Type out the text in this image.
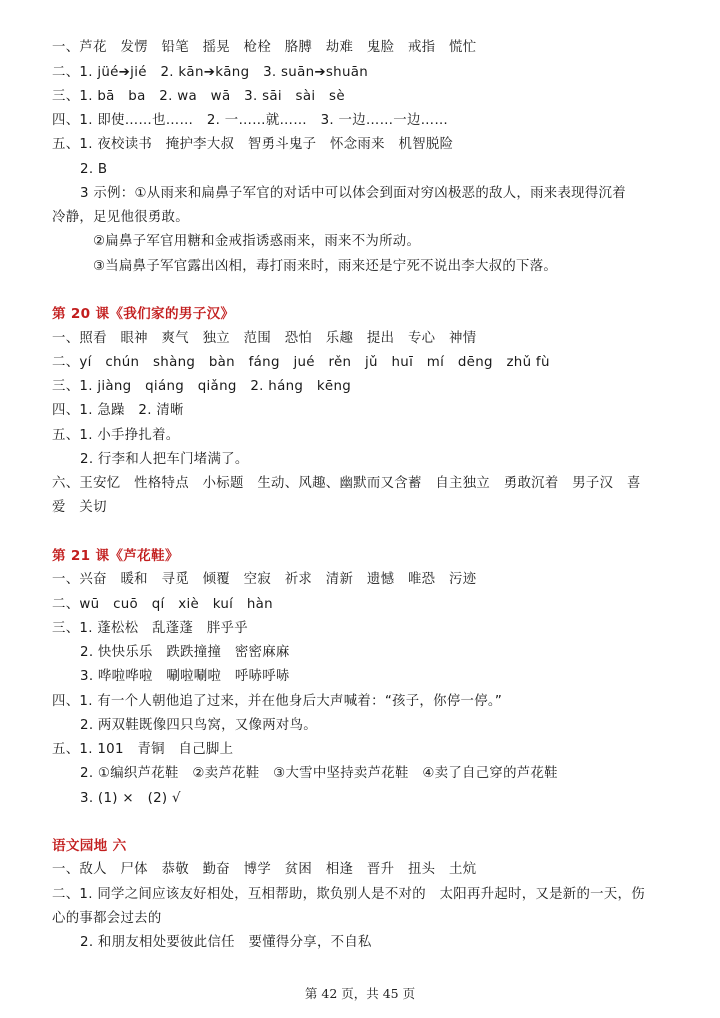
一、芦花　发愣　铅笔　摇晃　枪栓　胳膊　劫难　鬼脸　戒指　慌忙
二、1. jüé➔jié　2. kān➔kāng　3. suān➔shuān
三、1. bā　ba　2. wa　wā　3. sāi　sài　sè
四、1. 即使……也……　2. 一……就……　3. 一边……一边……
五、1. 夜校读书　掩护李大叔　智勇斗鬼子　怀念雨来　机智脱险
2. B
3 示例：①从雨来和扁鼻子军官的对话中可以体会到面对穷凶极恶的敌人，雨来表现得沉着
冷静，足见他很勇敢。
②扁鼻子军官用糖和金戒指诱惑雨来，雨来不为所动。
③当扁鼻子军官露出凶相，毒打雨来时，雨来还是宁死不说出李大叔的下落。
第 20 课《我们家的男子汉》
一、照看　眼神　爽气　独立　范围　恐怕　乐趣　提出　专心　神情
二、yí　chún　shàng　bàn　fáng　jué　rěn　jǔ　huī　mí　dēng　zhǔ fù
三、1. jiàng　qiáng　qiǎng　2. háng　kēng
四、1. 急躁　2. 清晰
五、1. 小手挣扎着。
2. 行李和人把车门堵满了。
六、王安忆　性格特点　小标题　生动、风趣、幽默而又含蓄　自主独立　勇敢沉着　男子汉　喜
爱　关切
第 21 课《芦花鞋》
一、兴奋　暖和　寻觅　倾覆　空寂　祈求　清新　遗憾　唯恐　污迹
二、wū　cuō　qí　xiè　kuí　hàn
三、1. 蓬松松　乱蓬蓬　胖乎乎
2. 快快乐乐　跌跌撞撞　密密麻麻
3. 哗啦哗啦　唰啦唰啦　呼哧呼哧
四、1. 有一个人朝他追了过来，并在他身后大声喊着：“孩子，你停一停。”
2. 两双鞋既像四只鸟窝，又像两对鸟。
五、1. 101　青铜　自己脚上
2. ①编织芦花鞋　②卖芦花鞋　③大雪中坚持卖芦花鞋　④卖了自己穿的芦花鞋
3. (1) ×　(2) √
语文园地 六
一、敌人　尸体　恭敬　勤奋　博学　贫困　相逢　晋升　扭头　土炕
二、1. 同学之间应该友好相处，互相帮助，欺负别人是不对的　太阳再升起时，又是新的一天，伤
心的事都会过去的
2. 和朋友相处要彼此信任　要懂得分享，不自私
第 42 页，共 45 页
